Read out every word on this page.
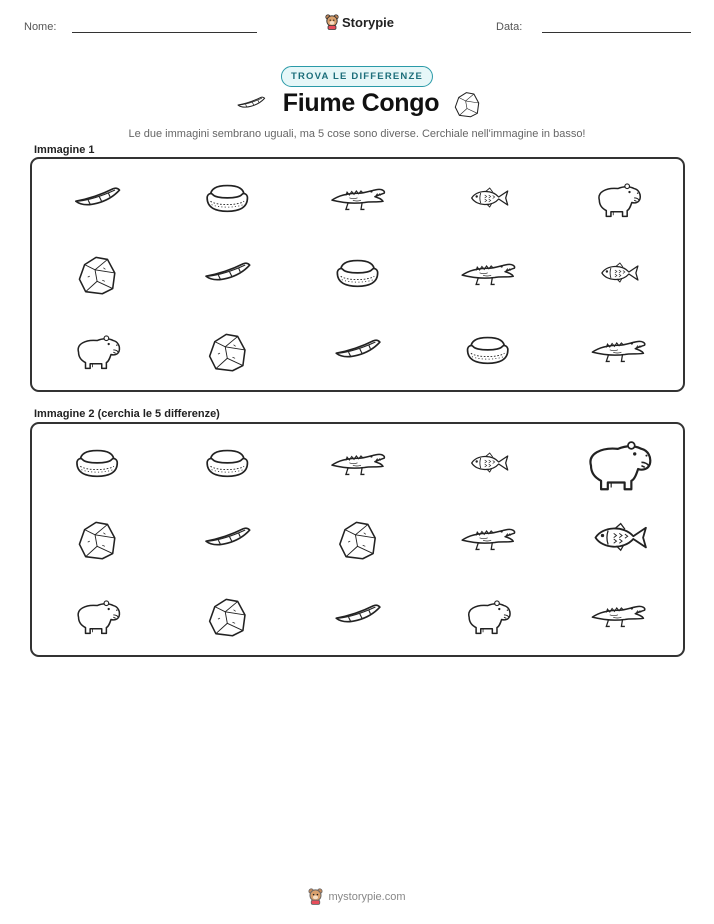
Nome:	Storypie	Data:
TROVA LE DIFFERENZE
Fiume Congo
Le due immagini sembrano uguali, ma 5 cose sono diverse. Cerchiale nell'immagine in basso!
Immagine 1
Immagine 2 (cerchia le 5 differenze)
mystorypie.com
